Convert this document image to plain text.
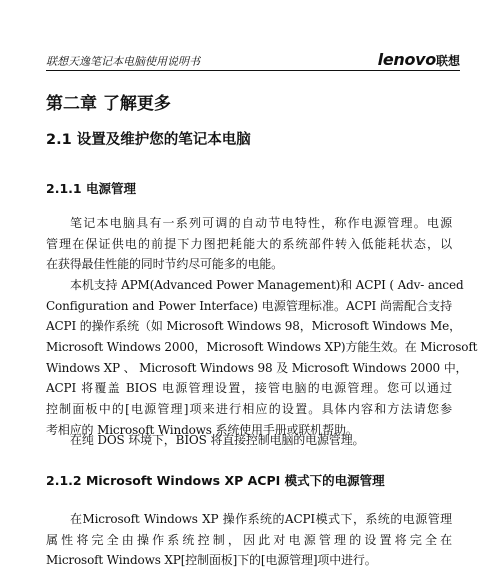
联想天逸笔记本电脑使用说明书	lenovo联想
第二章 了解更多
2.1 设置及维护您的笔记本电脑
2.1.1 电源管理
笔记本电脑具有一系列可调的自动节电特性，称作电源管理。电源
管理在保证供电的前提下力图把耗能大的系统部件转入低能耗状态，以
在获得最佳性能的同时节约尽可能多的电能。
本机支持 APM(Advanced Power Management)和 ACPI ( Adv- anced
Configuration and Power Interface) 电源管理标准。ACPI 尚需配合支持
ACPI 的操作系统（如 Microsoft Windows 98，Microsoft Windows Me，
Microsoft Windows 2000，Microsoft Windows XP)方能生效。在 Microsoft
Windows XP 、 Microsoft Windows 98 及 Microsoft Windows 2000 中，
ACPI 将覆盖 BIOS 电源管理设置，接管电脑的电源管理。您可以通过
控制面板中的[电源管理]项来进行相应的设置。具体内容和方法请您参
考相应的 Microsoft Windows 系统使用手册或联机帮助。
在纯 DOS 环境下，BIOS 将直接控制电脑的电源管理。
2.1.2 Microsoft Windows XP ACPI 模式下的电源管理
在Microsoft Windows XP 操作系统的ACPI模式下，系统的电源管理
属性将完全由操作系统控制，因此对电源管理的设置将完全在
Microsoft Windows XP[控制面板]下的[电源管理]项中进行。
